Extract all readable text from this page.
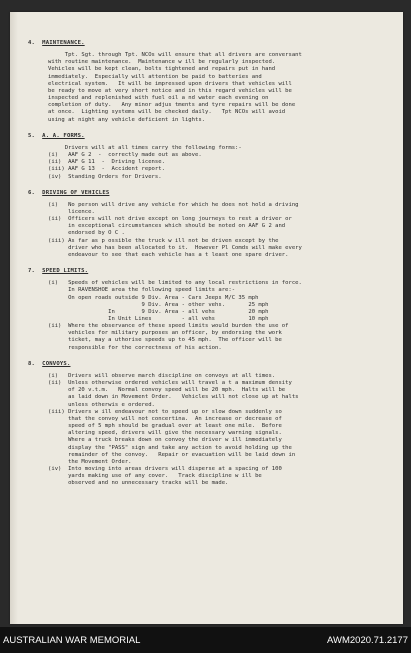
4.  MAINTENANCE.
Tpt. Sgt. through Tpt. NCOs will ensure that all drivers are conversant
with routine maintenance.  Maintenance w ill be regularly inspected.
Vehicles will be kept clean, bolts tightened and repairs put in hand
immediately.  Especially will attention be paid to batteries and
electrical system.   It will be impressed upon drivers that vehicles will
be ready to move at very short notice and in this regard vehicles will be
inspected and replenished with fuel oil a nd water each evening on
completion of duty.   Any minor adjus tments and tyre repairs will be done
at once.  Lighting systems will be checked daily.   Tpt NCOs will avoid
using at night any vehicle deficient in lights.
5.  A. A. FORMS.
Drivers will at all times carry the following forms:-
(i)   AAF G 2  -  correctly made out as above.
(ii)  AAF G 11  -  Driving license.
(iii) AAF G 13  -  Accident report.
(iv)  Standing Orders for Drivers.
6.  DRIVING OF VEHICLES
(i)   No person will drive any vehicle for which he does not hold a driving
licence.
(ii)  Officers will not drive except on long journeys to rest a driver or
in exceptional circumstances which should be noted on AAF G 2 and
endorsed by O C .
(iii) As far as p ossible the truck w ill not be driven except by the
driver who has been allocated to it.  However Pl Comds will make every
endeavour to see that each vehicle has a t least one spare driver.
7.  SPEED LIMITS.
(i)   Speeds of vehicles will be limited to any local restrictions in force.
In RAVENSHOE area the following speed limits are:-
On open roads outside 9 Div. Area - Cars Jeeps M/C 35 mph
9 Div. Area - other vehs.       25 mph
In        9 Div. Area - all vehs          20 mph
In Unit Lines         - all vehs          10 mph
(ii)  Where the observance of these speed limits would burden the use of
vehicles for military purposes an officer, by endorsing the work
ticket, may a uthorise speeds up to 45 mph.  The officer will be
responsible for the correctness of his action.
8.  CONVOYS.
(i)   Drivers will observe march discipline on convoys at all times.
(ii)  Unless otherwise ordered vehicles will travel a t a maximum density
of 20 v.t.m.   Normal convoy speed will be 20 mph.  Halts will be
as laid down in Movement Order.   Vehicles will not close up at halts
unless otherwis e ordered.
(iii) Drivers w ill endeavour not to speed up or slow down suddenly so
that the convoy will not concertina.  An increase or decrease of
speed of 5 mph should be gradual over at least one mile.  Before
altering speed, drivers will give the necessary warning signals.
Where a truck breaks down on convoy the driver w ill immediately
display the "PASS" sign and take any action to avoid holding up the
remainder of the convoy.   Repair or evacuation will be laid down in
the Movement Order.
(iv)  Into moving into areas drivers will disperse at a spacing of 100
yards making use of any cover.   Track discipline w ill be
observed and no unnecessary tracks will be made.
AUSTRALIAN WAR MEMORIAL	AWM2020.71.2177
